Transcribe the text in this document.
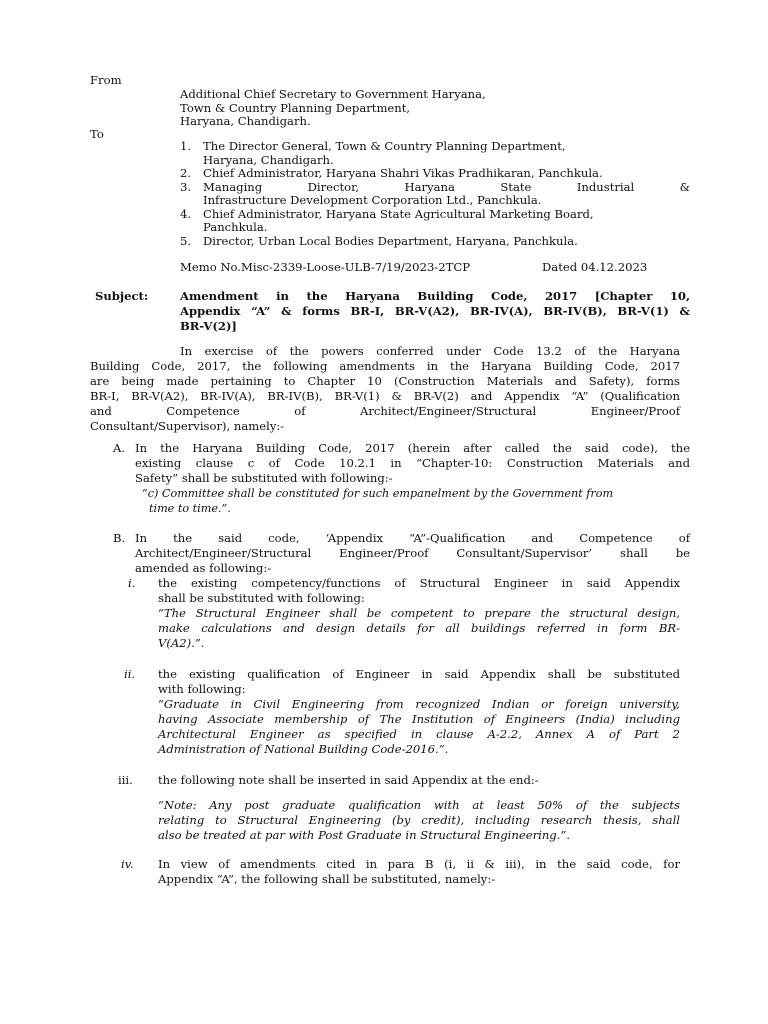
From
Additional Chief Secretary to Government Haryana,
Town & Country Planning Department,
Haryana, Chandigarh.
To
1.	The Director General, Town & Country Planning Department,
Haryana, Chandigarh.
2.	Chief Administrator, Haryana Shahri Vikas Pradhikaran, Panchkula.
3.	Managing Director, Haryana State Industrial &
Infrastructure Development Corporation Ltd., Panchkula.
4.	Chief Administrator, Haryana State Agricultural Marketing Board,
Panchkula.
5.	Director, Urban Local Bodies Department, Haryana, Panchkula.
Memo No.Misc-2339-Loose-ULB-7/19/2023-2TCP	Dated 04.12.2023
Subject:	Amendment in the Haryana Building Code, 2017 [Chapter 10,
Appendix “A” & forms BR-I, BR-V(A2), BR-IV(A), BR-IV(B), BR-V(1) &
BR-V(2)]
In exercise of the powers conferred under Code 13.2 of the Haryana
Building Code, 2017, the following amendments in the Haryana Building Code, 2017
are being made pertaining to Chapter 10 (Construction Materials and Safety), forms
BR-I, BR-V(A2), BR-IV(A), BR-IV(B), BR-V(1) & BR-V(2) and Appendix “A” (Qualification
and Competence of Architect/Engineer/Structural Engineer/Proof
Consultant/Supervisor), namely:-
A. In the Haryana Building Code, 2017 (herein after called the said code), the
existing clause c of Code 10.2.1 in “Chapter-10: Construction Materials and
Safety” shall be substituted with following:-
“c) Committee shall be constituted for such empanelment by the Government from
time to time.”.
B. In the said code, ‘Appendix “A”-Qualification and Competence of
Architect/Engineer/Structural Engineer/Proof Consultant/Supervisor’ shall be
amended as following:-
i. the existing competency/functions of Structural Engineer in said Appendix
shall be substituted with following:
“The Structural Engineer shall be competent to prepare the structural design,
make calculations and design details for all buildings referred in form BR-
V(A2).”.
ii. the existing qualification of Engineer in said Appendix shall be substituted
with following:
“Graduate in Civil Engineering from recognized Indian or foreign university,
having Associate membership of The Institution of Engineers (India) including
Architectural Engineer as specified in clause A-2.2, Annex A of Part 2
Administration of National Building Code-2016.”.
iii. the following note shall be inserted in said Appendix at the end:-
“Note: Any post graduate qualification with at least 50% of the subjects
relating to Structural Engineering (by credit), including research thesis, shall
also be treated at par with Post Graduate in Structural Engineering.”.
iv. In view of amendments cited in para B (i, ii & iii), in the said code, for
Appendix “A”, the following shall be substituted, namely:-
